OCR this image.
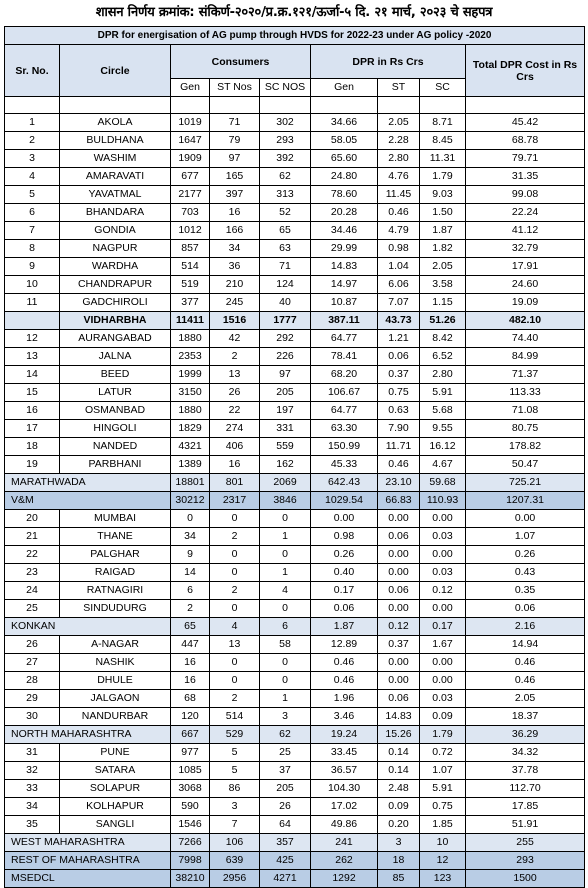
शासन निर्णय क्रमांक: संकिर्ण-२०२०/प्र.क्र.१२१/ऊर्जा-५ दि. २१ मार्च, २०२३ चे सहपत्र
DPR for energisation of AG pump through HVDS for 2022-23 under AG policy -2020								
Sr. No.	Circle	Consumers			DPR in Rs Crs			Total DPR Cost in Rs Crs
		Gen	ST Nos	SC NOS	Gen	ST	SC	

1	AKOLA	1019	71	302	34.66	2.05	8.71	45.42
2	BULDHANA	1647	79	293	58.05	2.28	8.45	68.78
3	WASHIM	1909	97	392	65.60	2.80	11.31	79.71
4	AMARAVATI	677	165	62	24.80	4.76	1.79	31.35
5	YAVATMAL	2177	397	313	78.60	11.45	9.03	99.08
6	BHANDARA	703	16	52	20.28	0.46	1.50	22.24
7	GONDIA	1012	166	65	34.46	4.79	1.87	41.12
8	NAGPUR	857	34	63	29.99	0.98	1.82	32.79
9	WARDHA	514	36	71	14.83	1.04	2.05	17.91
10	CHANDRAPUR	519	210	124	14.97	6.06	3.58	24.60
11	GADCHIROLI	377	245	40	10.87	7.07	1.15	19.09
	VIDHARBHA	11411	1516	1777	387.11	43.73	51.26	482.10
12	AURANGABAD	1880	42	292	64.77	1.21	8.42	74.40
13	JALNA	2353	2	226	78.41	0.06	6.52	84.99
14	BEED	1999	13	97	68.20	0.37	2.80	71.37
15	LATUR	3150	26	205	106.67	0.75	5.91	113.33
16	OSMANBAD	1880	22	197	64.77	0.63	5.68	71.08
17	HINGOLI	1829	274	331	63.30	7.90	9.55	80.75
18	NANDED	4321	406	559	150.99	11.71	16.12	178.82
19	PARBHANI	1389	16	162	45.33	0.46	4.67	50.47
MARATHWADA		18801	801	2069	642.43	23.10	59.68	725.21
V&M		30212	2317	3846	1029.54	66.83	110.93	1207.31
20	MUMBAI	0	0	0	0.00	0.00	0.00	0.00
21	THANE	34	2	1	0.98	0.06	0.03	1.07
22	PALGHAR	9	0	0	0.26	0.00	0.00	0.26
23	RAIGAD	14	0	1	0.40	0.00	0.03	0.43
24	RATNAGIRI	6	2	4	0.17	0.06	0.12	0.35
25	SINDUDURG	2	0	0	0.06	0.00	0.00	0.06
KONKAN		65	4	6	1.87	0.12	0.17	2.16
26	A-NAGAR	447	13	58	12.89	0.37	1.67	14.94
27	NASHIK	16	0	0	0.46	0.00	0.00	0.46
28	DHULE	16	0	0	0.46	0.00	0.00	0.46
29	JALGAON	68	2	1	1.96	0.06	0.03	2.05
30	NANDURBAR	120	514	3	3.46	14.83	0.09	18.37
NORTH MAHARASHTRA		667	529	62	19.24	15.26	1.79	36.29
31	PUNE	977	5	25	33.45	0.14	0.72	34.32
32	SATARA	1085	5	37	36.57	0.14	1.07	37.78
33	SOLAPUR	3068	86	205	104.30	2.48	5.91	112.70
34	KOLHAPUR	590	3	26	17.02	0.09	0.75	17.85
35	SANGLI	1546	7	64	49.86	0.20	1.85	51.91
WEST MAHARASHTRA		7266	106	357	241	3	10	255
REST OF MAHARASHTRA		7998	639	425	262	18	12	293
MSEDCL		38210	2956	4271	1292	85	123	1500
